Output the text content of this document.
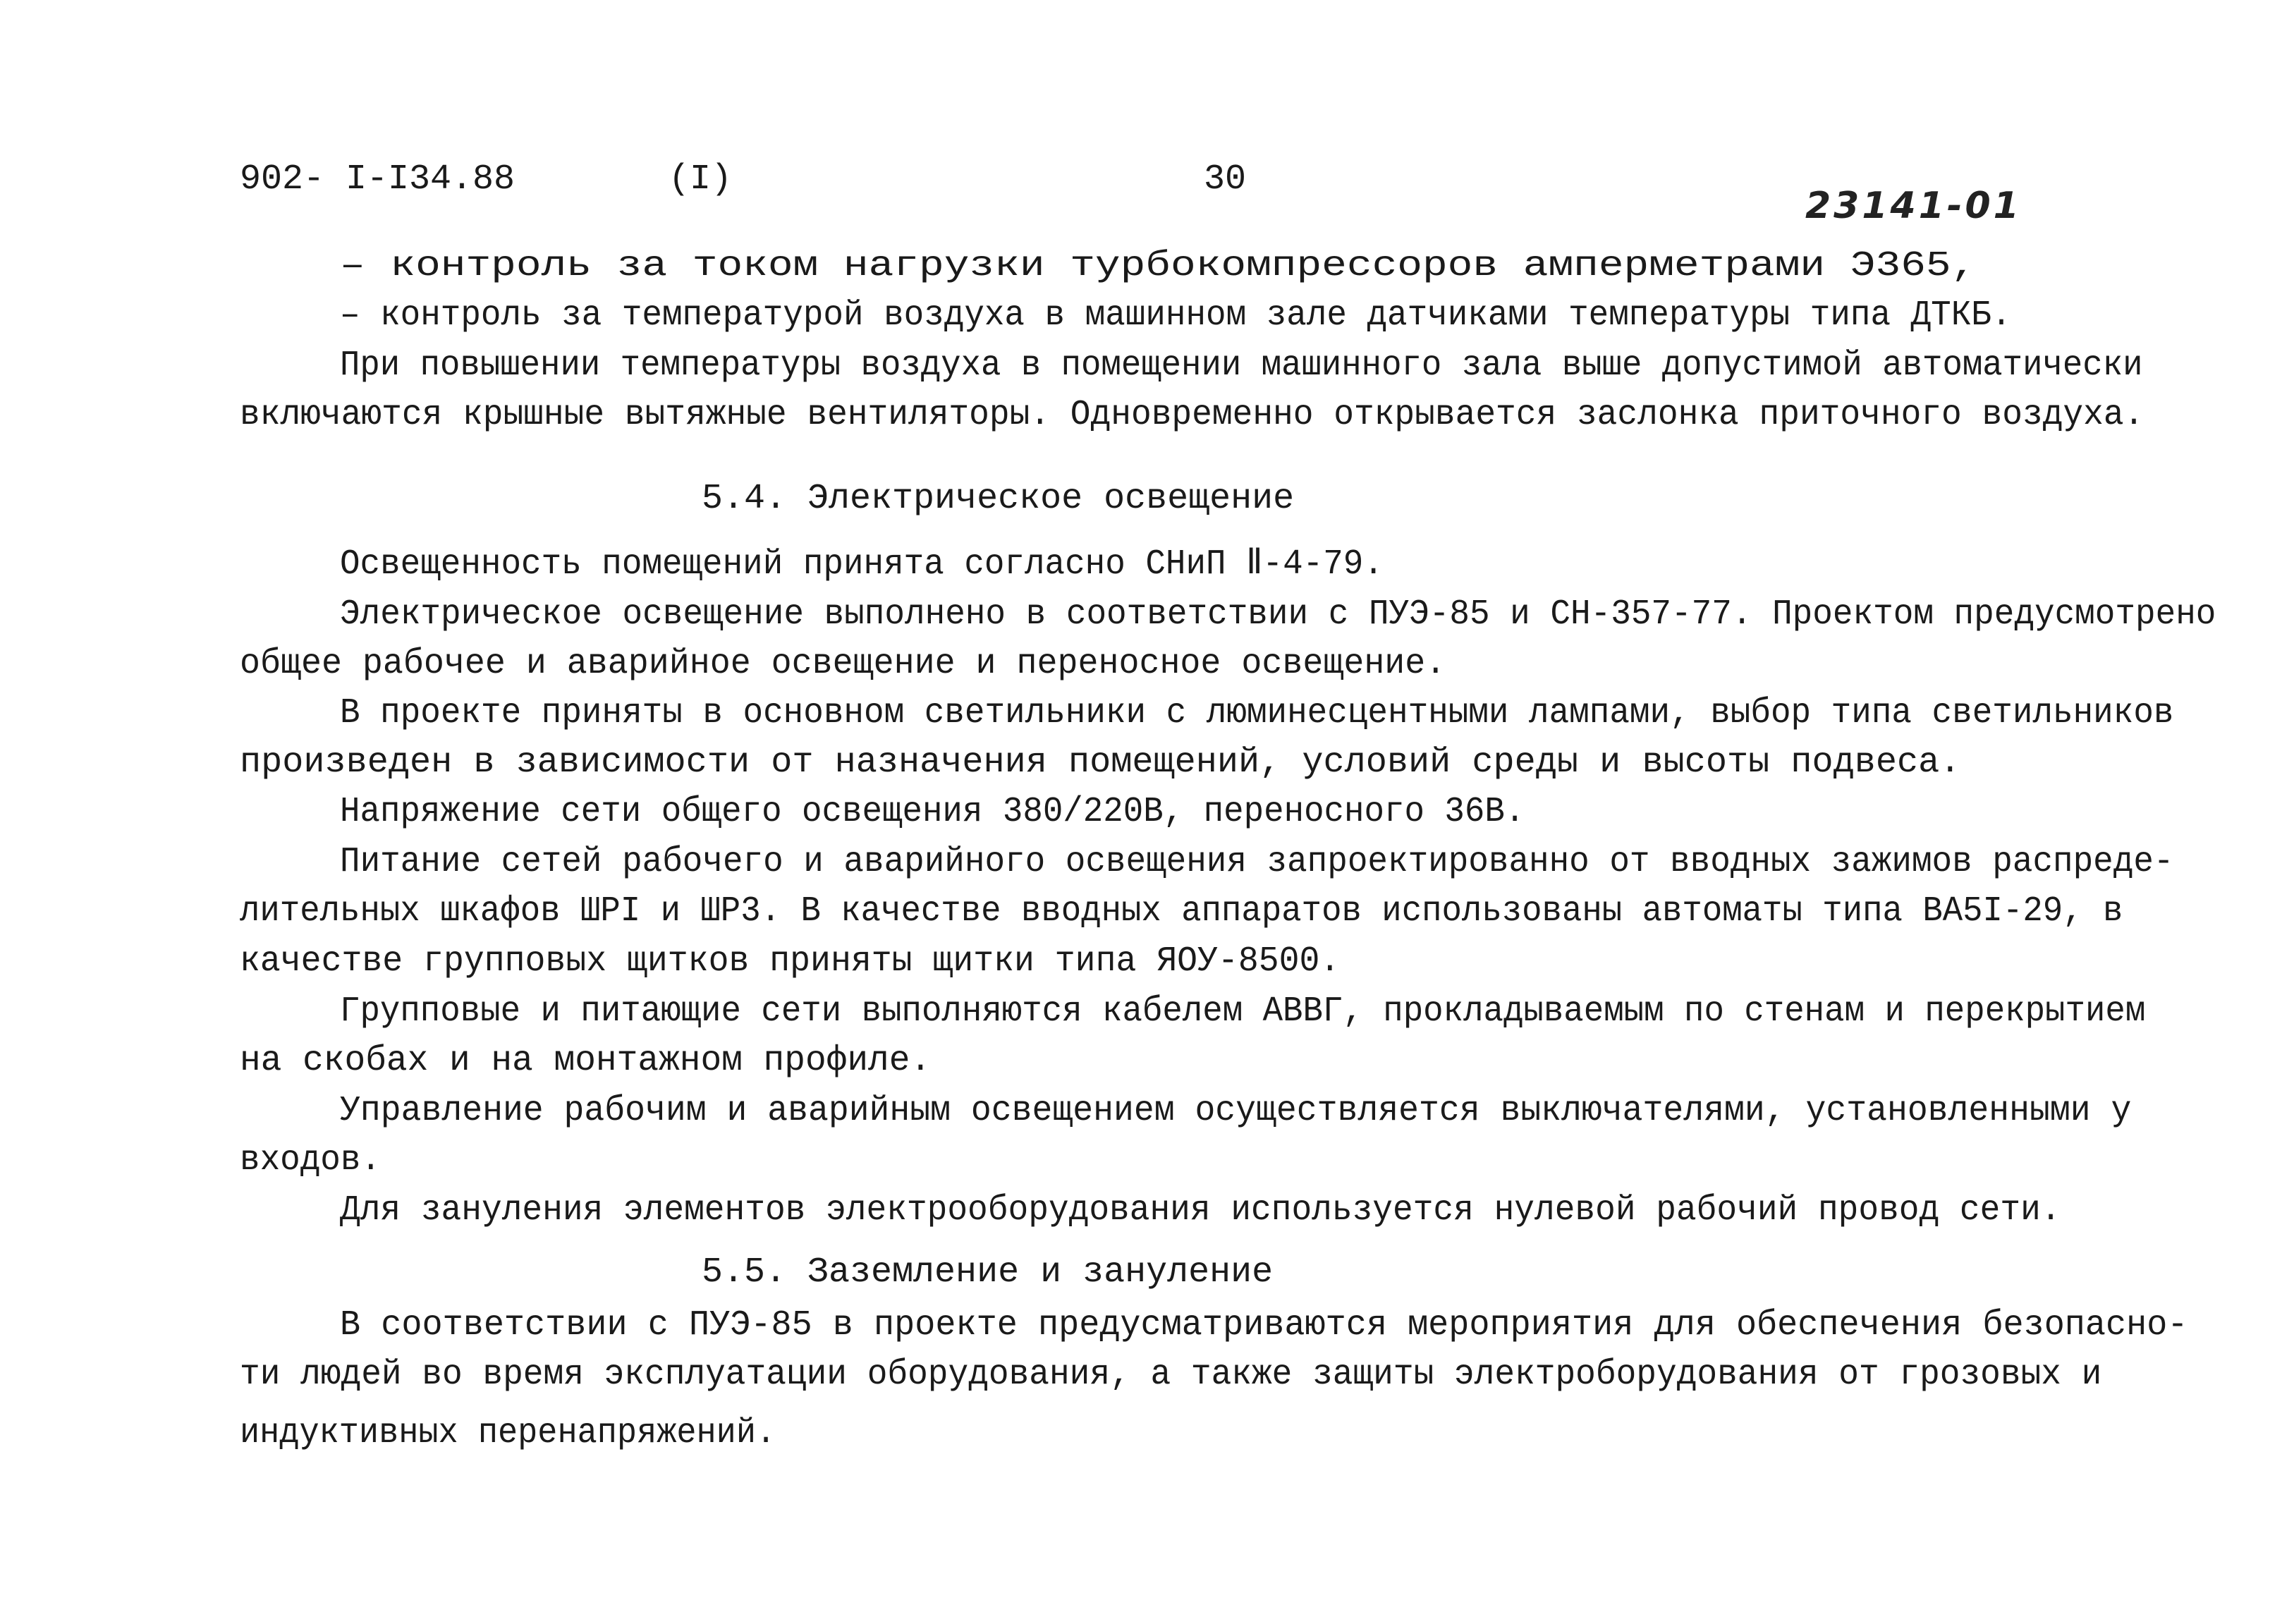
902- I-I34.88	(I)	30
23141-01
– контроль за током нагрузки турбокомпрессоров амперметрами Э365,
– контроль за температурой воздуха в машинном зале датчиками температуры типа ДТКБ.
При повышении температуры воздуха в помещении машинного зала выше допустимой автоматически
включаются крышные вытяжные вентиляторы. Одновременно открывается заслонка приточного воздуха.
5.4. Электрическое освещение
Освещенность помещений принята согласно СНиП Ⅱ-4-79.
Электрическое освещение выполнено в соответствии с ПУЭ-85 и СН-357-77. Проектом предусмотрено
общее рабочее и аварийное освещение и переносное освещение.
В проекте приняты в основном светильники с люминесцентными лампами, выбор типа светильников
произведен в зависимости от назначения помещений, условий среды и высоты подвеса.
Напряжение сети общего освещения 380/220В, переносного 36В.
Питание сетей рабочего и аварийного освещения запроектированно от вводных зажимов распреде-
лительных шкафов ШРI и ШР3. В качестве вводных аппаратов использованы автоматы типа ВА5I-29, в
качестве групповых щитков приняты щитки типа ЯОУ-8500.
Групповые и питающие сети выполняются кабелем АВВГ, прокладываемым по стенам и перекрытием
на скобах и на монтажном профиле.
Управление рабочим и аварийным освещением осуществляется выключателями, установленными у
входов.
Для зануления элементов электрооборудования используется нулевой рабочий провод сети.
5.5. Заземление и зануление
В соответствии с ПУЭ-85 в проекте предусматриваются мероприятия для обеспечения безопасно-
ти людей во время эксплуатации оборудования, а также защиты электроборудования от грозовых и
индуктивных перенапряжений.
